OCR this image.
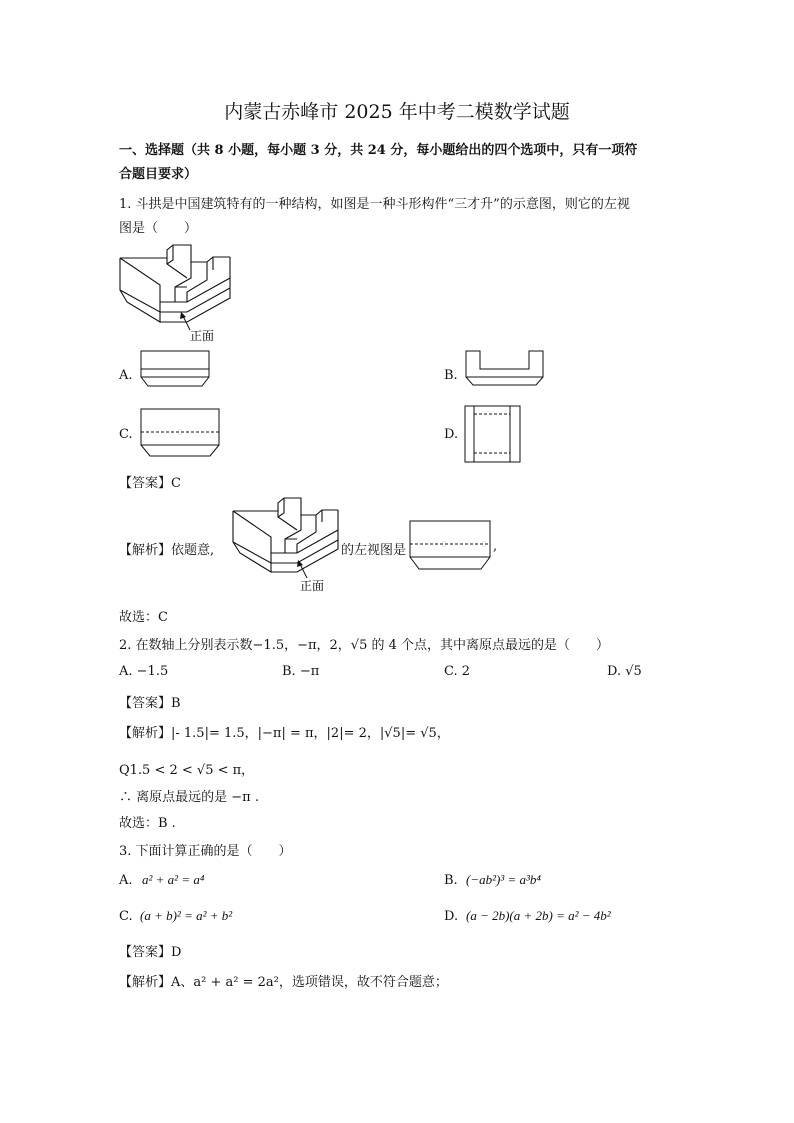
内蒙古赤峰市 2025 年中考二模数学试题
一、选择题（共 8 小题，每小题 3 分，共 24 分，每小题给出的四个选项中，只有一项符
合题目要求）
1. 斗拱是中国建筑特有的一种结构，如图是一种斗形构件“三才升”的示意图，则它的左视
图是（　　）
正面
A.	B.
C.	D.
【答案】C
【解析】依题意,
正面
的左视图是	,
故选：C
2. 在数轴上分别表示数−1.5，−π，2，√5 的 4 个点，其中离原点最远的是（　　）
A. −1.5	B. −π	C. 2	D. √5
【答案】B
【解析】|- 1.5|= 1.5，|−π| = π，|2|= 2，|√5|= √5，
Q1.5 < 2 < √5 < π，
∴ 离原点最远的是 −π .
故选：B .
3. 下面计算正确的是（　　）
A. a² + a² = a⁴	B. (−ab²)³ = a³b⁴
C. (a + b)² = a² + b²	D. (a − 2b)(a + 2b) = a² − 4b²
【答案】D
【解析】A、a² + a² = 2a²，选项错误，故不符合题意；
